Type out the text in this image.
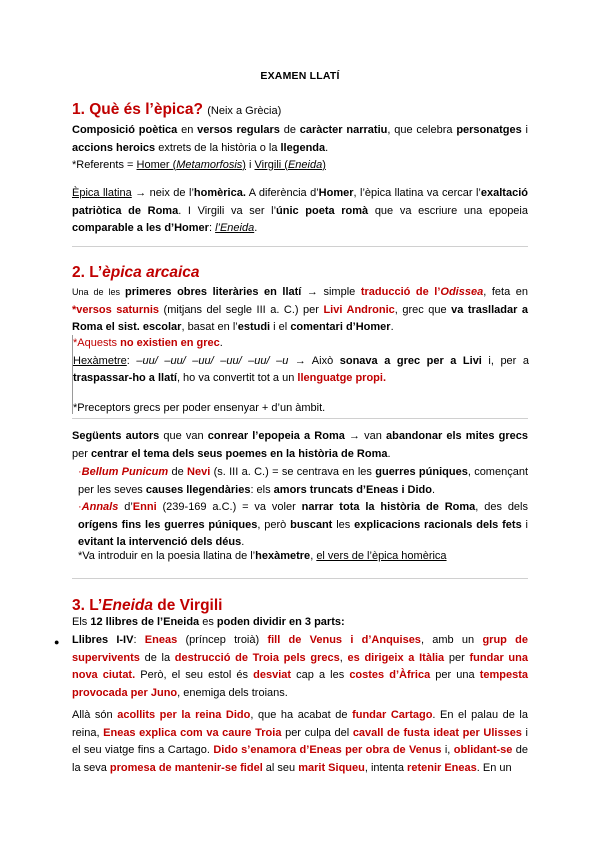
EXAMEN LLATÍ
1. Què és l’èpica? (Neix a Grècia)
Composició poètica en versos regulars de caràcter narratiu, que celebra personatges i accions heroics extrets de la història o la llegenda.
*Referents = Homer (Metamorfosis) i Virgili (Eneida)
Èpica llatina → neix de l’homèrica. A diferència d’Homer, l’èpica llatina va cercar l’exaltació patriòtica de Roma. I Virgili va ser l’únic poeta romà que va escriure una epopeia comparable a les d’Homer: l’Eneida.
2. L’èpica arcaica
Una de les primeres obres literàries en llatí → simple traducció de l’Odissea, feta en *versos saturnis (mitjans del segle III a. C.) per Livi Andronic, grec que va traslladar a Roma el sist. escolar, basat en l’estudi i el comentari d’Homer.
*Aquests no existien en grec.
Hexàmetre: –uu/ –uu/ –uu/ –uu/ –uu/ –u → Això sonava a grec per a Livi i, per a traspassar-ho a llatí, ho va convertit tot a un llenguatge propi.
*Preceptors grecs per poder ensenyar + d’un àmbit.
Següents autors que van conrear l’epopeia a Roma → van abandonar els mites grecs per centrar el tema dels seus poemes en la història de Roma.
·Bellum Punicum de Nevi (s. III a. C.) = se centrava en les guerres púniques, començant per les seves causes llegendàries: els amors truncats d’Eneas i Dido.
·Annals d’Enni (239-169 a.C.) = va voler narrar tota la història de Roma, des dels orígens fins les guerres púniques, però buscant les explicacions racionals dels fets i evitant la intervenció dels déus.
*Va introduir en la poesia llatina de l’hexàmetre, el vers de l’èpica homèrica
3. L’Eneida de Virgili
Els 12 llibres de l’Eneida es poden dividir en 3 parts:
● Llibres I-IV: Eneas (príncep troià) fill de Venus i d’Anquises, amb un grup de supervivents de la destrucció de Troia pels grecs, es dirigeix a Itàlia per fundar una nova ciutat. Però, el seu estol és desviat cap a les costes d’Àfrica per una tempesta provocada per Juno, enemiga dels troians.
Allà són acollits per la reina Dido, que ha acabat de fundar Cartago. En el palau de la reina, Eneas explica com va caure Troia per culpa del cavall de fusta ideat per Ulisses i el seu viatge fins a Cartago. Dido s’enamora d’Eneas per obra de Venus i, oblidant-se de la seva promesa de mantenir-se fidel al seu marit Siqueu, intenta retenir Eneas. En un
